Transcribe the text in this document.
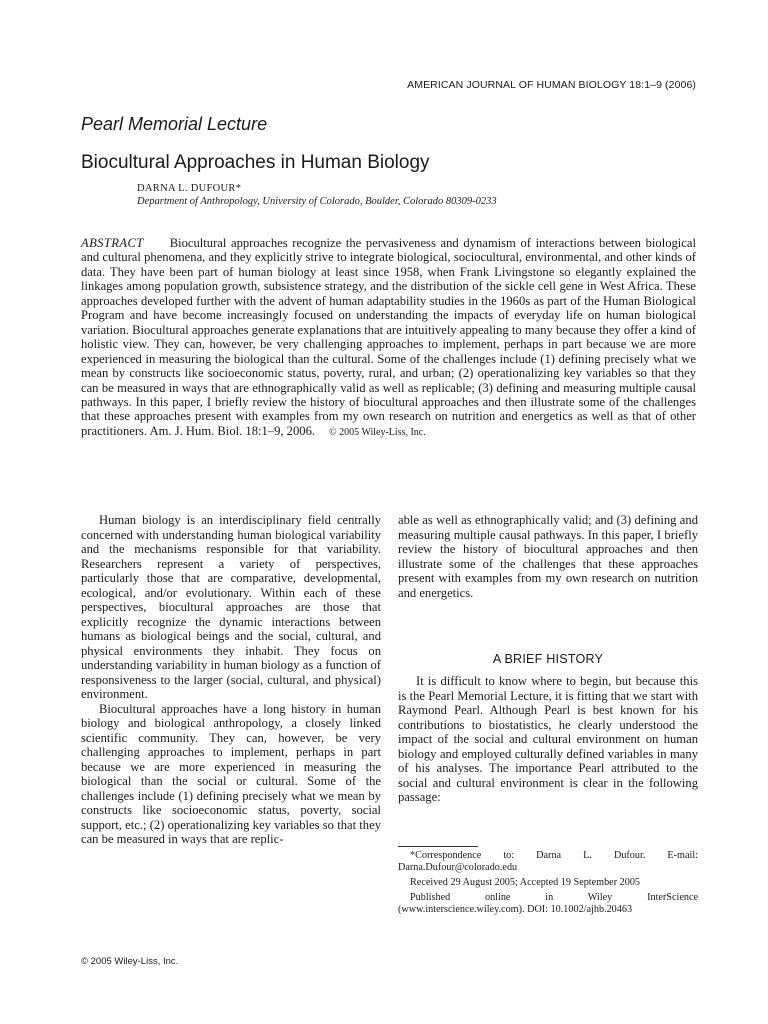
AMERICAN JOURNAL OF HUMAN BIOLOGY 18:1–9 (2006)
Pearl Memorial Lecture
Biocultural Approaches in Human Biology
DARNA L. DUFOUR*
Department of Anthropology, University of Colorado, Boulder, Colorado 80309-0233

ABSTRACT Biocultural approaches recognize the pervasiveness and dynamism of interactions between biological and cultural phenomena, and they explicitly strive to integrate biological, sociocultural, environmental, and other kinds of data. They have been part of human biology at least since 1958, when Frank Livingstone so elegantly explained the linkages among population growth, subsistence strategy, and the distribution of the sickle cell gene in West Africa. These approaches developed further with the advent of human adaptability studies in the 1960s as part of the Human Biological Program and have become increasingly focused on understanding the impacts of everyday life on human biological variation. Biocultural approaches generate explanations that are intuitively appealing to many because they offer a kind of holistic view. They can, however, be very challenging approaches to implement, perhaps in part because we are more experienced in measuring the biological than the cultural. Some of the challenges include (1) defining precisely what we mean by constructs like socioeconomic status, poverty, rural, and urban; (2) operationalizing key variables so that they can be measured in ways that are ethnographically valid as well as replicable; (3) defining and measuring multiple causal pathways. In this paper, I briefly review the history of biocultural approaches and then illustrate some of the challenges that these approaches present with examples from my own research on nutrition and energetics as well as that of other practitioners. Am. J. Hum. Biol. 18:1–9, 2006. © 2005 Wiley-Liss, Inc.

Human biology is an interdisciplinary field centrally concerned with understanding human biological variability and the mechanisms responsible for that variability. Researchers represent a variety of perspectives, particularly those that are comparative, developmental, ecological, and/or evolutionary. Within each of these perspectives, biocultural approaches are those that explicitly recognize the dynamic interactions between humans as biological beings and the social, cultural, and physical environments they inhabit. They focus on understanding variability in human biology as a function of responsiveness to the larger (social, cultural, and physical) environment.

Biocultural approaches have a long history in human biology and biological anthropology, a closely linked scientific community. They can, however, be very challenging approaches to implement, perhaps in part because we are more experienced in measuring the biological than the social or cultural. Some of the challenges include (1) defining precisely what we mean by constructs like socioeconomic status, poverty, social support, etc.; (2) operationalizing key variables so that they can be measured in ways that are replic-

able as well as ethnographically valid; and (3) defining and measuring multiple causal pathways. In this paper, I briefly review the history of biocultural approaches and then illustrate some of the challenges that these approaches present with examples from my own research on nutrition and energetics.

A BRIEF HISTORY

It is difficult to know where to begin, but because this is the Pearl Memorial Lecture, it is fitting that we start with Raymond Pearl. Although Pearl is best known for his contributions to biostatistics, he clearly understood the impact of the social and cultural environment on human biology and employed culturally defined variables in many of his analyses. The importance Pearl attributed to the social and cultural environment is clear in the following passage:

*Correspondence to: Darna L. Dufour. E-mail: Darna.Dufour@colorado.edu

Received 29 August 2005; Accepted 19 September 2005

Published online in Wiley InterScience (www.interscience.wiley.com). DOI: 10.1002/ajhb.20463

© 2005 Wiley-Liss, Inc.
